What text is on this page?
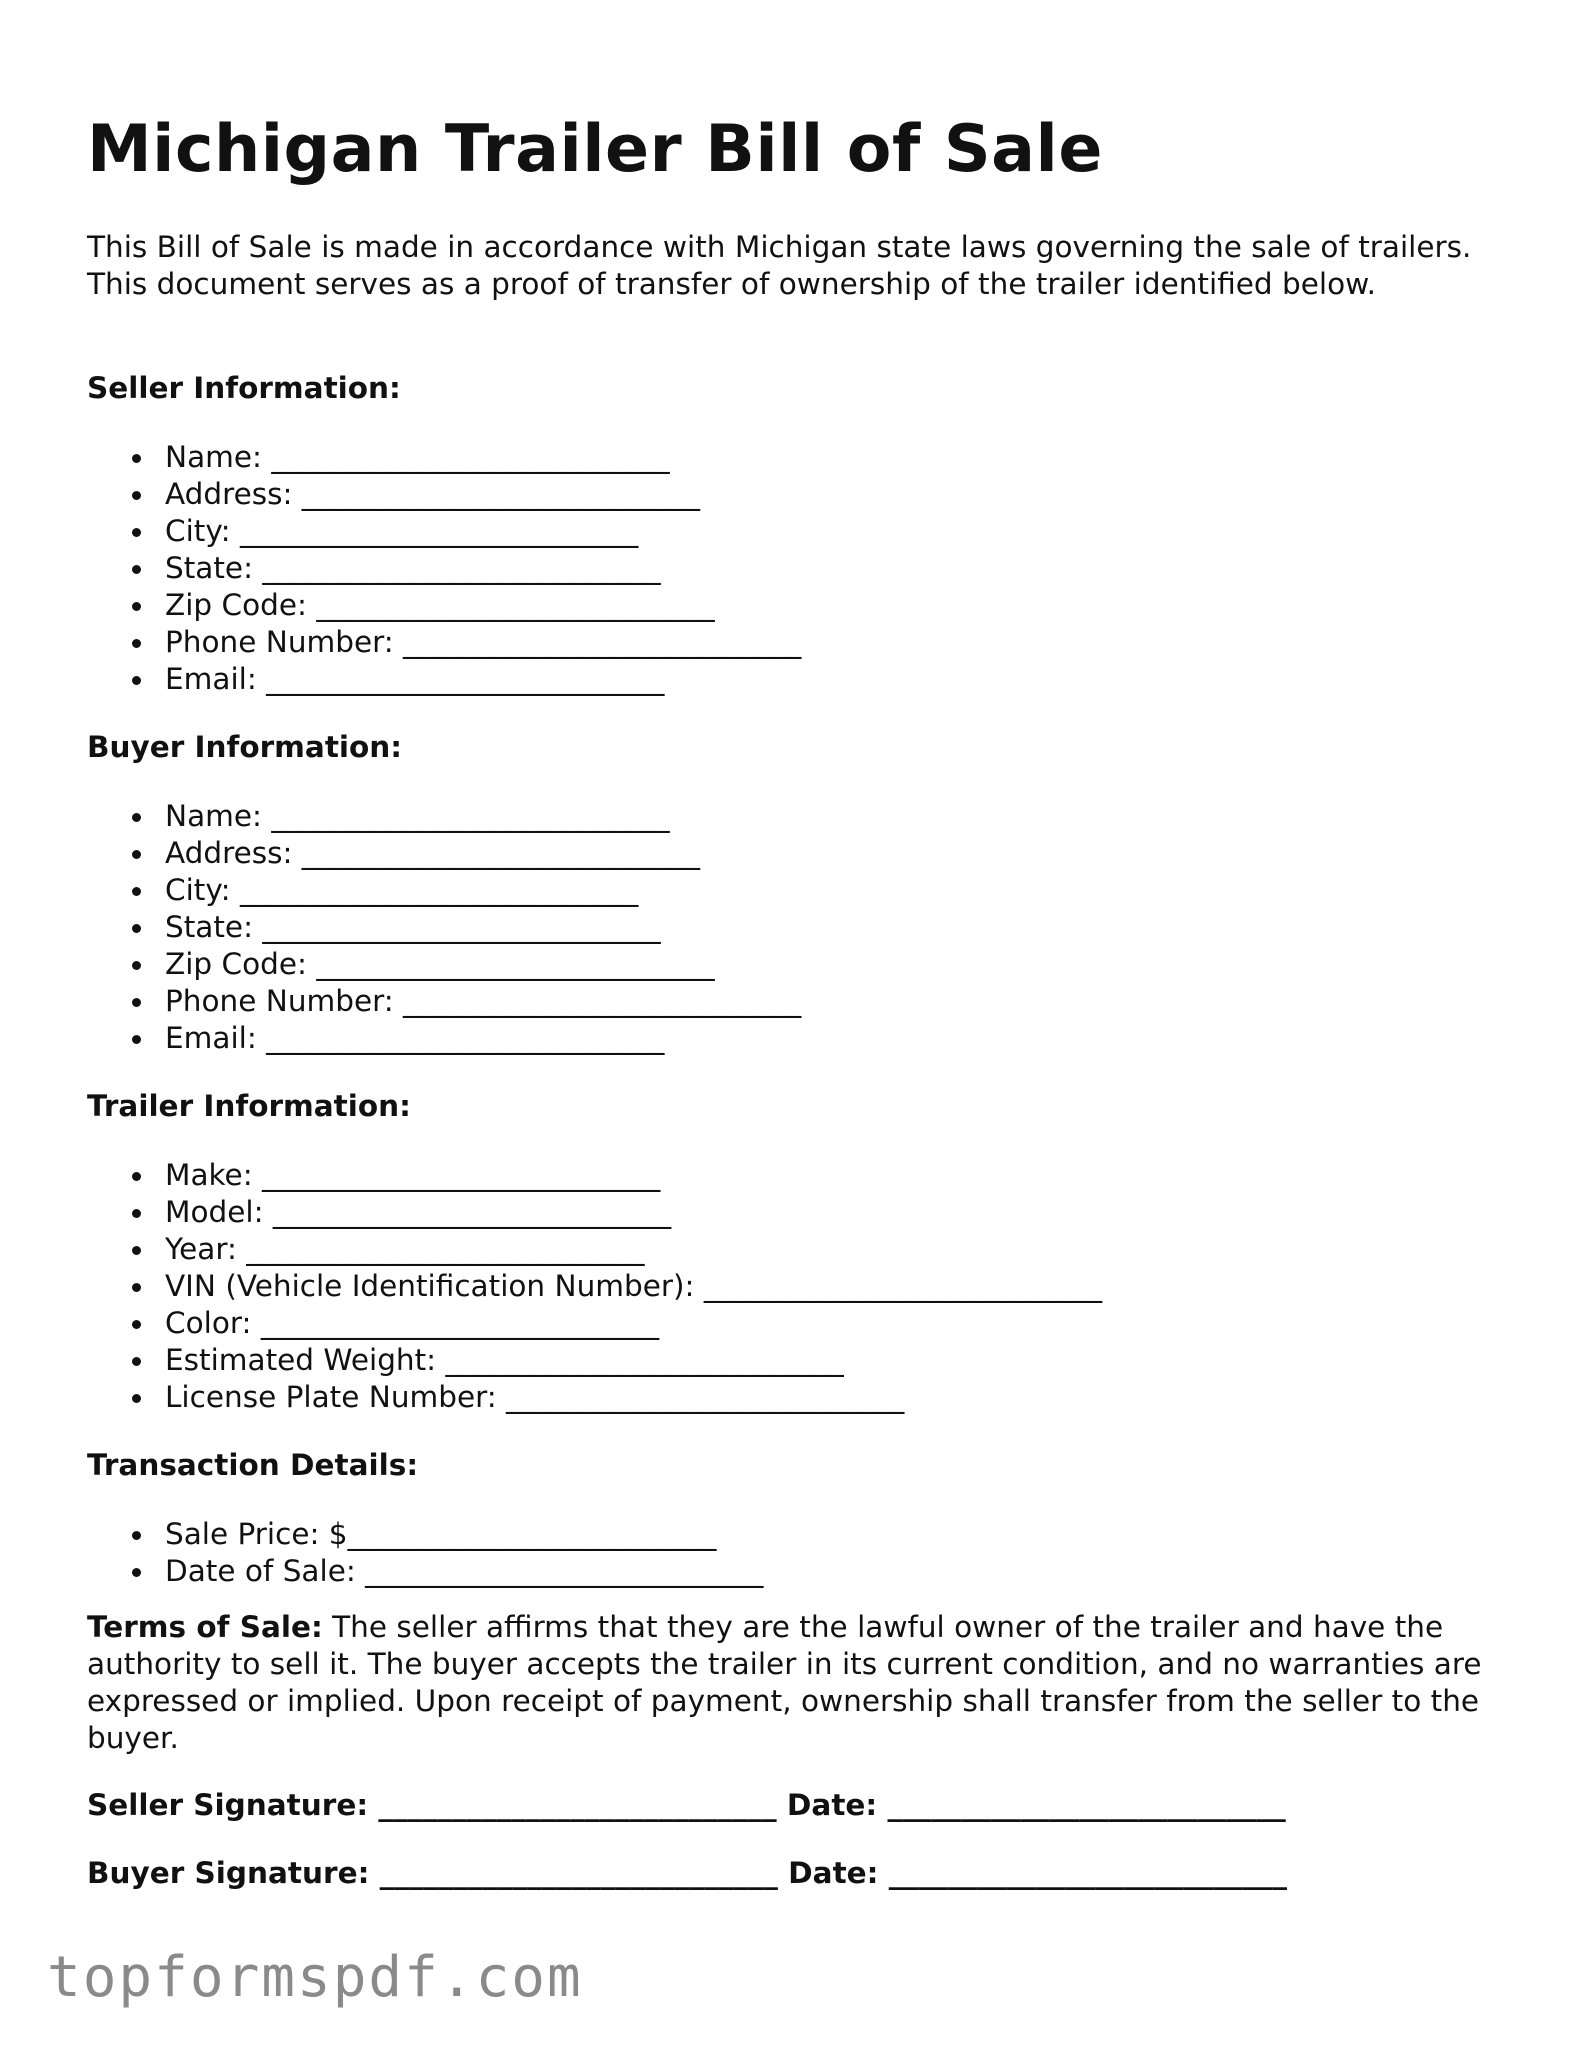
Michigan Trailer Bill of Sale

This Bill of Sale is made in accordance with Michigan state laws governing the sale of trailers. This document serves as a proof of transfer of ownership of the trailer identified below.

Seller Information:
Name: ___________________________
Address: ___________________________
City: ___________________________
State: ___________________________
Zip Code: ___________________________
Phone Number: ___________________________
Email: ___________________________
Buyer Information:
Name: ___________________________
Address: ___________________________
City: ___________________________
State: ___________________________
Zip Code: ___________________________
Phone Number: ___________________________
Email: ___________________________
Trailer Information:
Make: ___________________________
Model: ___________________________
Year: ___________________________
VIN (Vehicle Identification Number): ___________________________
Color: ___________________________
Estimated Weight: ___________________________
License Plate Number: ___________________________
Transaction Details:
Sale Price: $_________________________
Date of Sale: ___________________________

Terms of Sale: The seller affirms that they are the lawful owner of the trailer and have the authority to sell it. The buyer accepts the trailer in its current condition, and no warranties are expressed or implied. Upon receipt of payment, ownership shall transfer from the seller to the buyer.

Seller Signature: ___________________________ Date: ___________________________
Buyer Signature: ___________________________ Date: ___________________________
topformspdf.com
